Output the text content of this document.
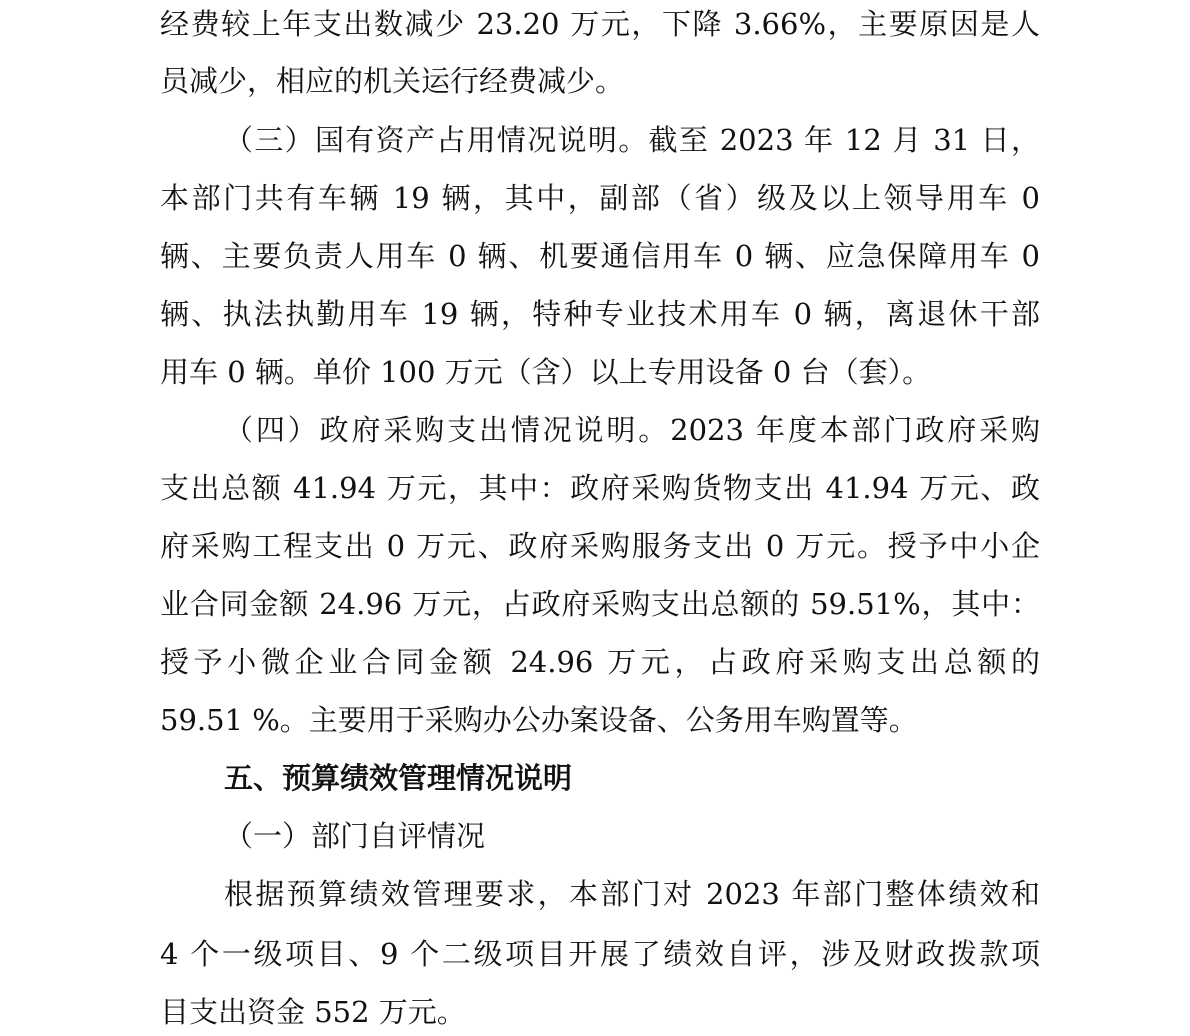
经费较上年支出数减少 23.20 万元，下降 3.66%，主要原因是人
员减少，相应的机关运行经费减少。
（三）国有资产占用情况说明。截至 2023 年 12 月 31 日，
本部门共有车辆 19 辆，其中，副部（省）级及以上领导用车 0
辆、主要负责人用车 0 辆、机要通信用车 0 辆、应急保障用车 0
辆、执法执勤用车 19 辆，特种专业技术用车 0 辆，离退休干部
用车 0 辆。单价 100 万元（含）以上专用设备 0 台（套）。
（四）政府采购支出情况说明。2023 年度本部门政府采购
支出总额 41.94 万元，其中：政府采购货物支出 41.94 万元、政
府采购工程支出 0 万元、政府采购服务支出 0 万元。授予中小企
业合同金额 24.96 万元，占政府采购支出总额的 59.51%，其中：
授予小微企业合同金额 24.96 万元，占政府采购支出总额的
59.51 %。主要用于采购办公办案设备、公务用车购置等。
五、预算绩效管理情况说明
（一）部门自评情况
根据预算绩效管理要求，本部门对 2023 年部门整体绩效和
4 个一级项目、9 个二级项目开展了绩效自评，涉及财政拨款项
目支出资金 552 万元。
